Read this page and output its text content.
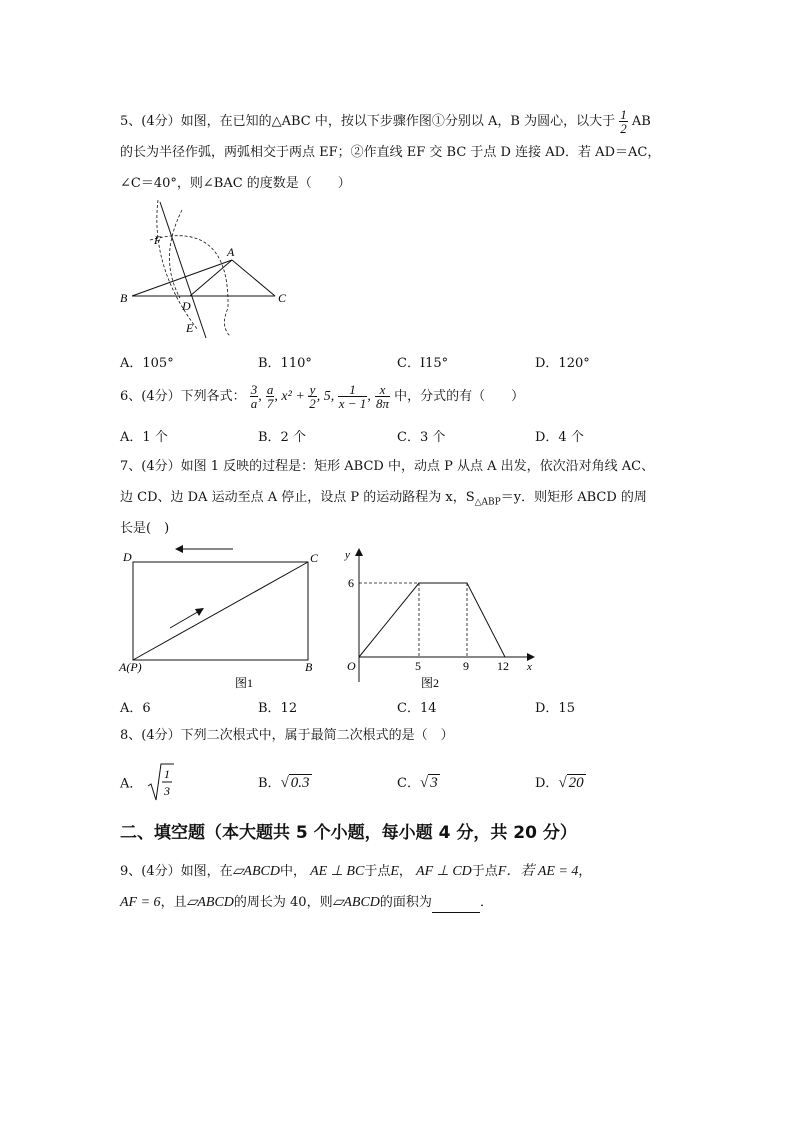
5、(4分）如图，在已知的△ABC 中，按以下步骤作图①分别以 A，B 为圆心，以大于 $\frac{1}{2}$ AB
的长为半径作弧，两弧相交于两点 EF；②作直线 EF 交 BC 于点 D 连接 AD．若 AD＝AC，
∠C＝40°，则∠BAC 的度数是（　　）
F
A
B
D
C
E
A．105°	B．110°	C．I15°	D．120°
6、(4分）下列各式： $\frac{3}{a}$ , $\frac{a}{7}$ , $x^2 + \frac{y}{2}$ , 5, $\frac{1}{x - 1}$ , $\frac{x}{8\pi}$ 中，分式的有（　　）
A．1 个	B．2 个	C．3 个	D．4 个
7、(4分）如图 1 反映的过程是：矩形 ABCD 中，动点 P 从点 A 出发，依次沿对角线 AC、
边 CD、边 DA 运动至点 A 停止，设点 P 的运动路程为 x，$S_{\triangle ABP}=y$．则矩形 ABCD 的周
长是(　)
D	C
A(P)	B
图1
y
x
O
6
5	9 12
图2
A．6	B．12	C．14	D．15
8、(4分）下列二次根式中，属于最简二次根式的是（　）
A．
1
3	B．√ 0.3	C．√ 3	D．√ 20
二、填空题（本大题共 5 个小题，每小题 4 分，共 20 分）
9、(4分）如图，在▱ABCD中， AE ⊥ BC于点E， AF ⊥ CD于点F．若 AE = 4，
AF = 6，且▱ABCD的周长为 40，则▱ABCD的面积为	．
